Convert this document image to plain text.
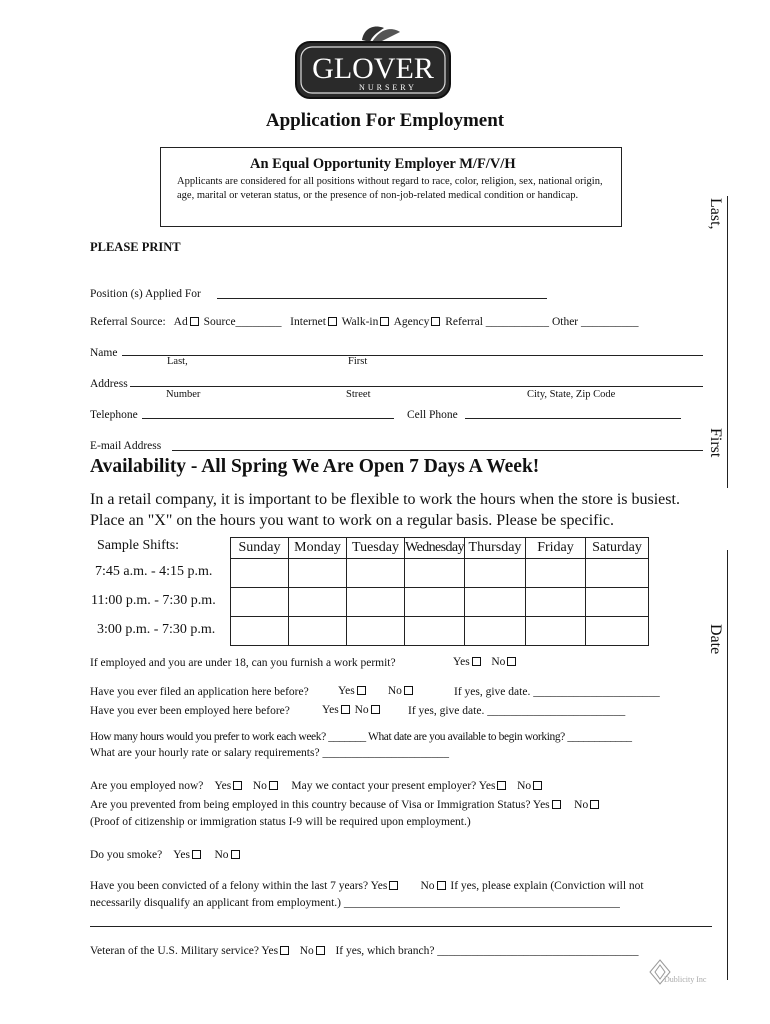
GLOVER
NURSERY
Application For Employment
An Equal Opportunity Employer M/F/V/H
Applicants are considered for all positions without regard to race, color, religion, sex, national origin, age, marital or veteran status, or the presence of non-job-related medical condition or handicap.
Last,
First
Date
PLEASE PRINT
Position (s) Applied For
Referral Source: Ad Source________ Internet Walk-in Agency Referral ___________ Other __________
Name
Last,	First
Address
Number	Street	City, State, Zip Code
Telephone	Cell Phone
E-mail Address
Availability - All Spring We Are Open 7 Days A Week!
In a retail company, it is important to be flexible to work the hours when the store is busiest.
Place an "X" on the hours you want to work on a regular basis. Please be specific.
Sample Shifts:	Sunday	Monday	Tuesday	Wednesday	Thursday	Friday	Saturday

7:45 a.m. - 4:15 p.m.
11:00 p.m. - 7:30 p.m.
3:00 p.m. - 7:30 p.m.
If employed and you are under 18, can you furnish a work permit?	Yes No
Have you ever filed an application here before?	Yes	No	If yes, give date. ______________________
Have you ever been employed here before?	Yes No	If yes, give date. ________________________
How many hours would you prefer to work each week? _______ What date are you available to begin working? ____________
What are your hourly rate or salary requirements? ______________________
Are you employed now? Yes No May we contact your present employer? Yes No
Are you prevented from being employed in this country because of Visa or Immigration Status? Yes No
(Proof of citizenship or immigration status I-9 will be required upon employment.)
Do you smoke? Yes No
Have you been convicted of a felony within the last 7 years? Yes	No If yes, please explain (Conviction will not
necessarily disqualify an applicant from employment.) ________________________________________________
Veteran of the U.S. Military service? Yes No If yes, which branch? ___________________________________
Dublicity Inc
